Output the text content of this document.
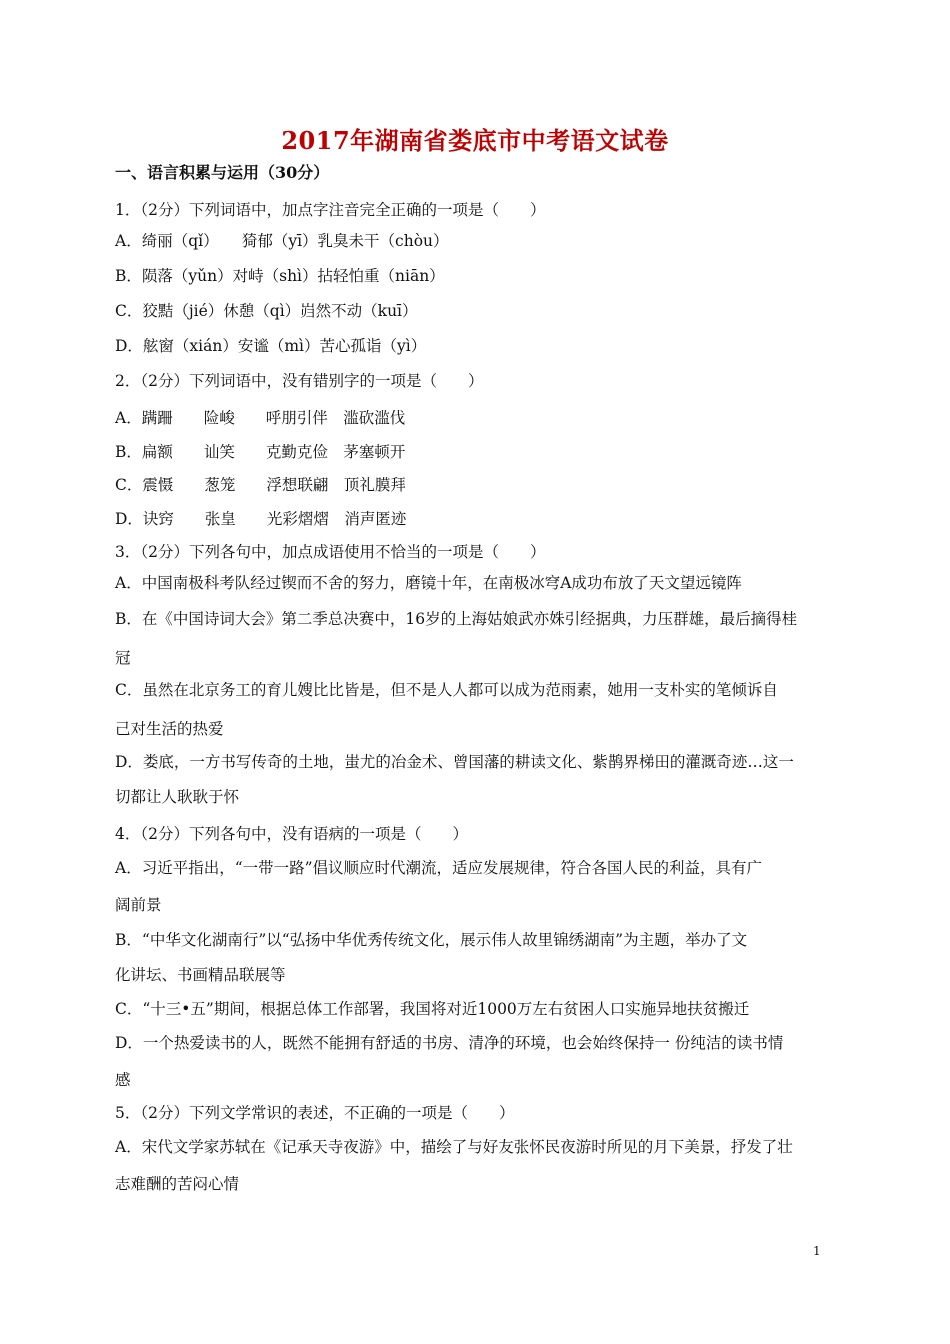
2017年湖南省娄底市中考语文试卷
一、语言积累与运用（30分）
1．（2分）下列词语中，加点字注音完全正确的一项是（　　）
A．绮丽（qǐ）　　猗郁（yī）乳臭未干（chòu）
B．陨落（yǔn）对峙（shì）拈轻怕重（niān）
C．狡黠（jié）休憩（qì）岿然不动（kuī）
D．舷窗（xián）安谧（mì）苦心孤诣（yì）
2．（2分）下列词语中，没有错别字的一项是（　　）
A．蹒跚　　险峻　　呼朋引伴　滥砍滥伐
B．扁额　　讪笑　　克勤克俭　茅塞顿开
C．震慑　　葱笼　　浮想联翩　顶礼膜拜
D．诀窍　　张皇　　光彩熠熠　消声匿迹
3．（2分）下列各句中，加点成语使用不恰当的一项是（　　）
A．中国南极科考队经过锲而不舍的努力，磨镜十年，在南极冰穹A成功布放了天文望远镜阵
B．在《中国诗词大会》第二季总决赛中，16岁的上海姑娘武亦姝引经据典，力压群雄，最后摘得桂
冠
C．虽然在北京务工的育儿嫂比比皆是，但不是人人都可以成为范雨素，她用一支朴实的笔倾诉自
己对生活的热爱
D．娄底，一方书写传奇的土地，蚩尤的冶金术、曾国藩的耕读文化、紫鹊界梯田的灌溉奇迹…这一
切都让人耿耿于怀
4．（2分）下列各句中，没有语病的一项是（　　）
A．习近平指出，“一带一路”倡议顺应时代潮流，适应发展规律，符合各国人民的利益，具有广
阔前景
B．“中华文化湖南行”以“弘扬中华优秀传统文化，展示伟人故里锦绣湖南”为主题，举办了文
化讲坛、书画精品联展等
C．“十三•五”期间，根据总体工作部署，我国将对近1000万左右贫困人口实施异地扶贫搬迁
D．一个热爱读书的人，既然不能拥有舒适的书房、清净的环境，也会始终保持一 份纯洁的读书情
感
5．（2分）下列文学常识的表述，不正确的一项是（　　）
A．宋代文学家苏轼在《记承天寺夜游》中，描绘了与好友张怀民夜游时所见的月下美景，抒发了壮
志难酬的苦闷心情
1
